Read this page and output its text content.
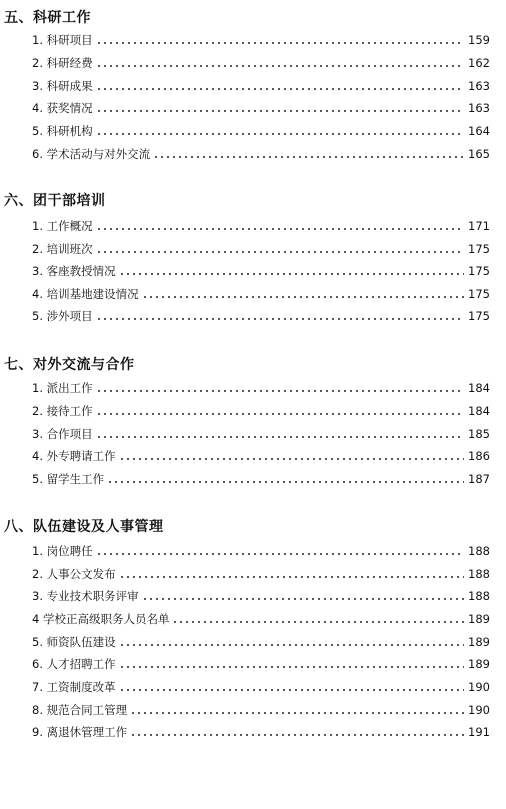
五、科研工作
1. 科研项目	159
2. 科研经费	162
3. 科研成果	163
4. 获奖情况	163
5. 科研机构	164
6. 学术活动与对外交流	165
六、团干部培训
1. 工作概况	171
2. 培训班次	175
3. 客座教授情况	175
4. 培训基地建设情况	175
5. 涉外项目	175
七、对外交流与合作
1. 派出工作	184
2. 接待工作	184
3. 合作项目	185
4. 外专聘请工作	186
5. 留学生工作	187
八、队伍建设及人事管理
1. 岗位聘任	188
2. 人事公文发布	188
3. 专业技术职务评审	188
4 学校正高级职务人员名单	189
5. 师资队伍建设	189
6. 人才招聘工作	189
7. 工资制度改革	190
8. 规范合同工管理	190
9. 离退休管理工作	191
